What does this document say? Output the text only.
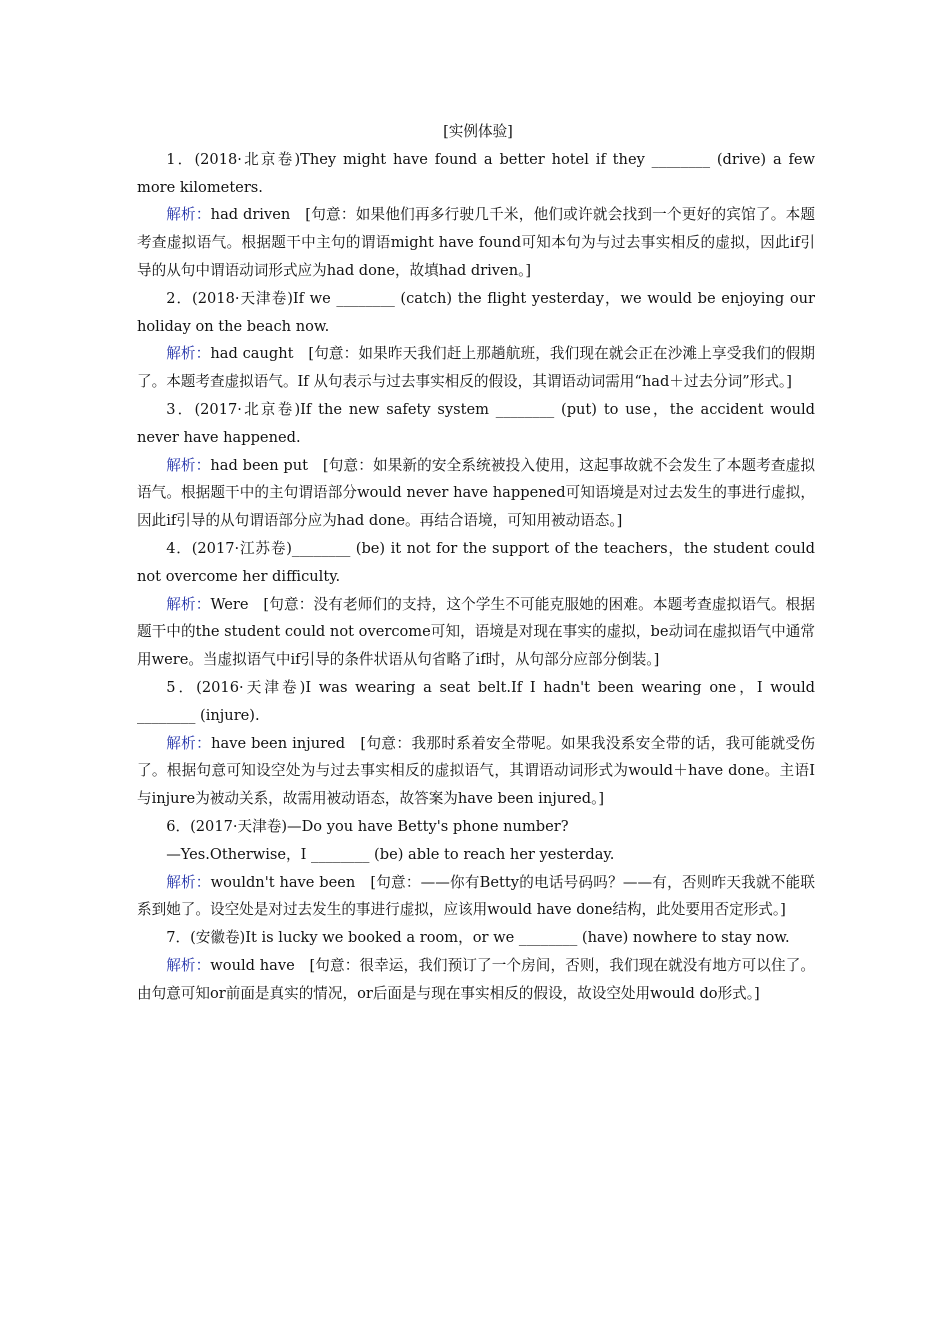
[实例体验]

1．(2018·北京卷)They might have found a better hotel if they ________ (drive) a few more kilometers.

解析：had driven　[句意：如果他们再多行驶几千米，他们或许就会找到一个更好的宾馆了。本题考查虚拟语气。根据题干中主句的谓语might have found可知本句为与过去事实相反的虚拟，因此if引导的从句中谓语动词形式应为had done，故填had driven。]

2．(2018·天津卷)If we ________ (catch) the flight yesterday，we would be enjoying our holiday on the beach now.

解析：had caught　[句意：如果昨天我们赶上那趟航班，我们现在就会正在沙滩上享受我们的假期了。本题考查虚拟语气。If 从句表示与过去事实相反的假设，其谓语动词需用“had＋过去分词”形式。]

3．(2017·北京卷)If the new safety system ________ (put) to use，the accident would never have happened.

解析：had been put　[句意：如果新的安全系统被投入使用，这起事故就不会发生了本题考查虚拟语气。根据题干中的主句谓语部分would never have happened可知语境是对过去发生的事进行虚拟，因此if引导的从句谓语部分应为had done。再结合语境，可知用被动语态。]

4．(2017·江苏卷)________ (be) it not for the support of the teachers，the student could not overcome her difficulty.

解析：Were　[句意：没有老师们的支持，这个学生不可能克服她的困难。本题考查虚拟语气。根据题干中的the student could not overcome可知，语境是对现在事实的虚拟，be动词在虚拟语气中通常用were。当虚拟语气中if引导的条件状语从句省略了if时，从句部分应部分倒装。]

5．(2016·天津卷)I was wearing a seat belt.If I hadn't been wearing one，I would ________ (injure).

解析：have been injured　[句意：我那时系着安全带呢。如果我没系安全带的话，我可能就受伤了。根据句意可知设空处为与过去事实相反的虚拟语气，其谓语动词形式为would＋have done。主语I与injure为被动关系，故需用被动语态，故答案为have been injured。]

6．(2017·天津卷)—Do you have Betty's phone number?

—Yes.Otherwise，I ________ (be) able to reach her yesterday.

解析：wouldn't have been　[句意：——你有Betty的电话号码吗？——有，否则昨天我就不能联系到她了。设空处是对过去发生的事进行虚拟，应该用would have done结构，此处要用否定形式。]

7．(安徽卷)It is lucky we booked a room，or we ________ (have) nowhere to stay now.

解析：would have　[句意：很幸运，我们预订了一个房间，否则，我们现在就没有地方可以住了。由句意可知or前面是真实的情况，or后面是与现在事实相反的假设，故设空处用would do形式。]
